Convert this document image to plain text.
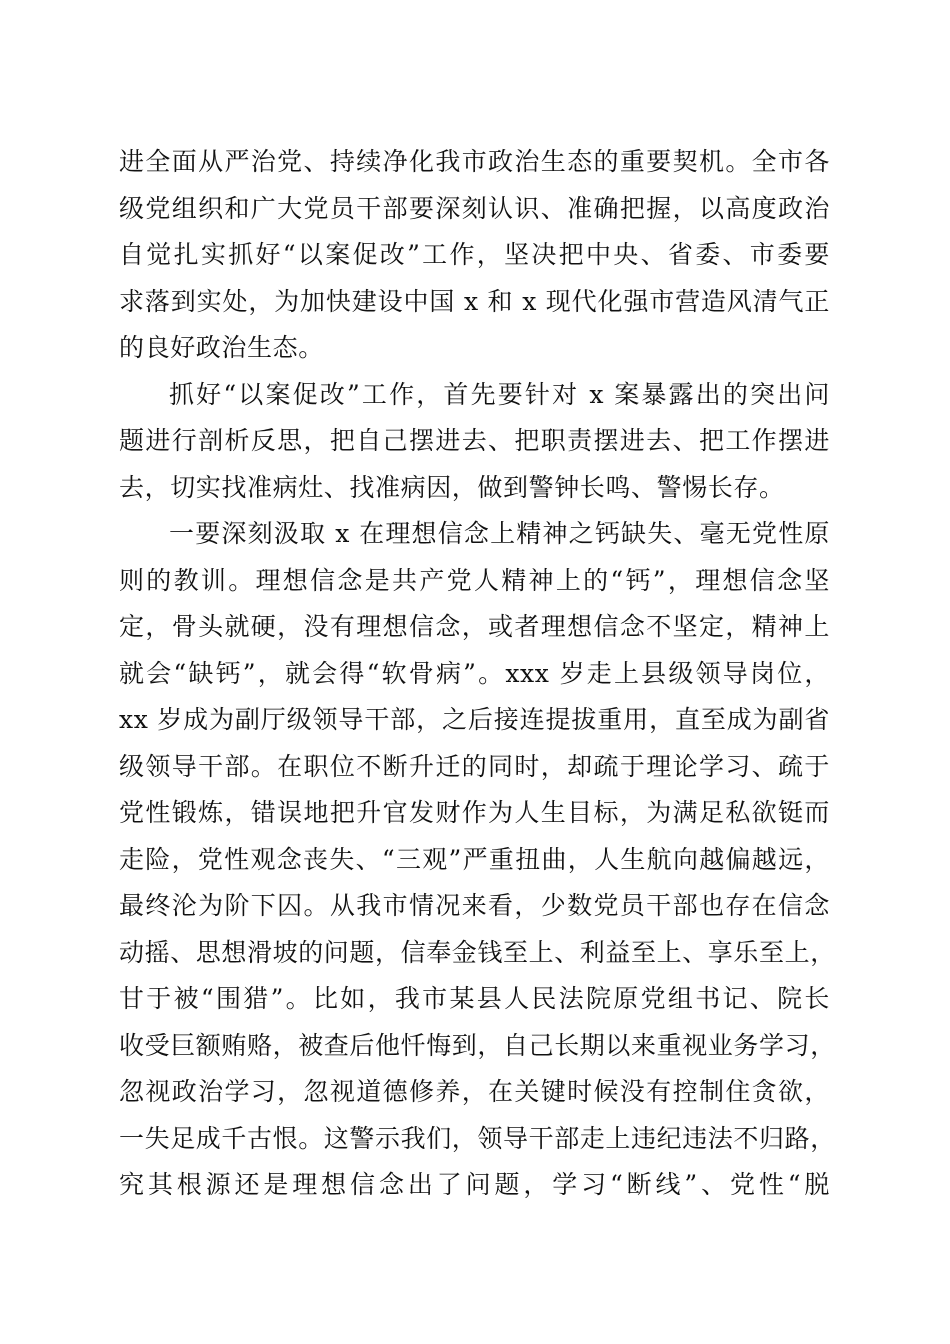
进全面从严治党、持续净化我市政治生态的重要契机。全市各
级党组织和广大党员干部要深刻认识、准确把握，以高度政治
自觉扎实抓好“以案促改”工作，坚决把中央、省委、市委要
求落到实处，为加快建设中国 x 和 x 现代化强市营造风清气正
的良好政治生态。
抓好“以案促改”工作，首先要针对 x 案暴露出的突出问
题进行剖析反思，把自己摆进去、把职责摆进去、把工作摆进
去，切实找准病灶、找准病因，做到警钟长鸣、警惕长存。
一要深刻汲取 x 在理想信念上精神之钙缺失、毫无党性原
则的教训。理想信念是共产党人精神上的“钙”，理想信念坚
定，骨头就硬，没有理想信念，或者理想信念不坚定，精神上
就会“缺钙”，就会得“软骨病”。xxx 岁走上县级领导岗位，
xx 岁成为副厅级领导干部，之后接连提拔重用，直至成为副省
级领导干部。在职位不断升迁的同时，却疏于理论学习、疏于
党性锻炼，错误地把升官发财作为人生目标，为满足私欲铤而
走险，党性观念丧失、“三观”严重扭曲，人生航向越偏越远，
最终沦为阶下囚。从我市情况来看，少数党员干部也存在信念
动摇、思想滑坡的问题，信奉金钱至上、利益至上、享乐至上，
甘于被“围猎”。比如，我市某县人民法院原党组书记、院长
收受巨额贿赂，被查后他忏悔到，自己长期以来重视业务学习，
忽视政治学习，忽视道德修养，在关键时候没有控制住贪欲，
一失足成千古恨。这警示我们，领导干部走上违纪违法不归路，
究其根源还是理想信念出了问题，学习“断线”、党性“脱
